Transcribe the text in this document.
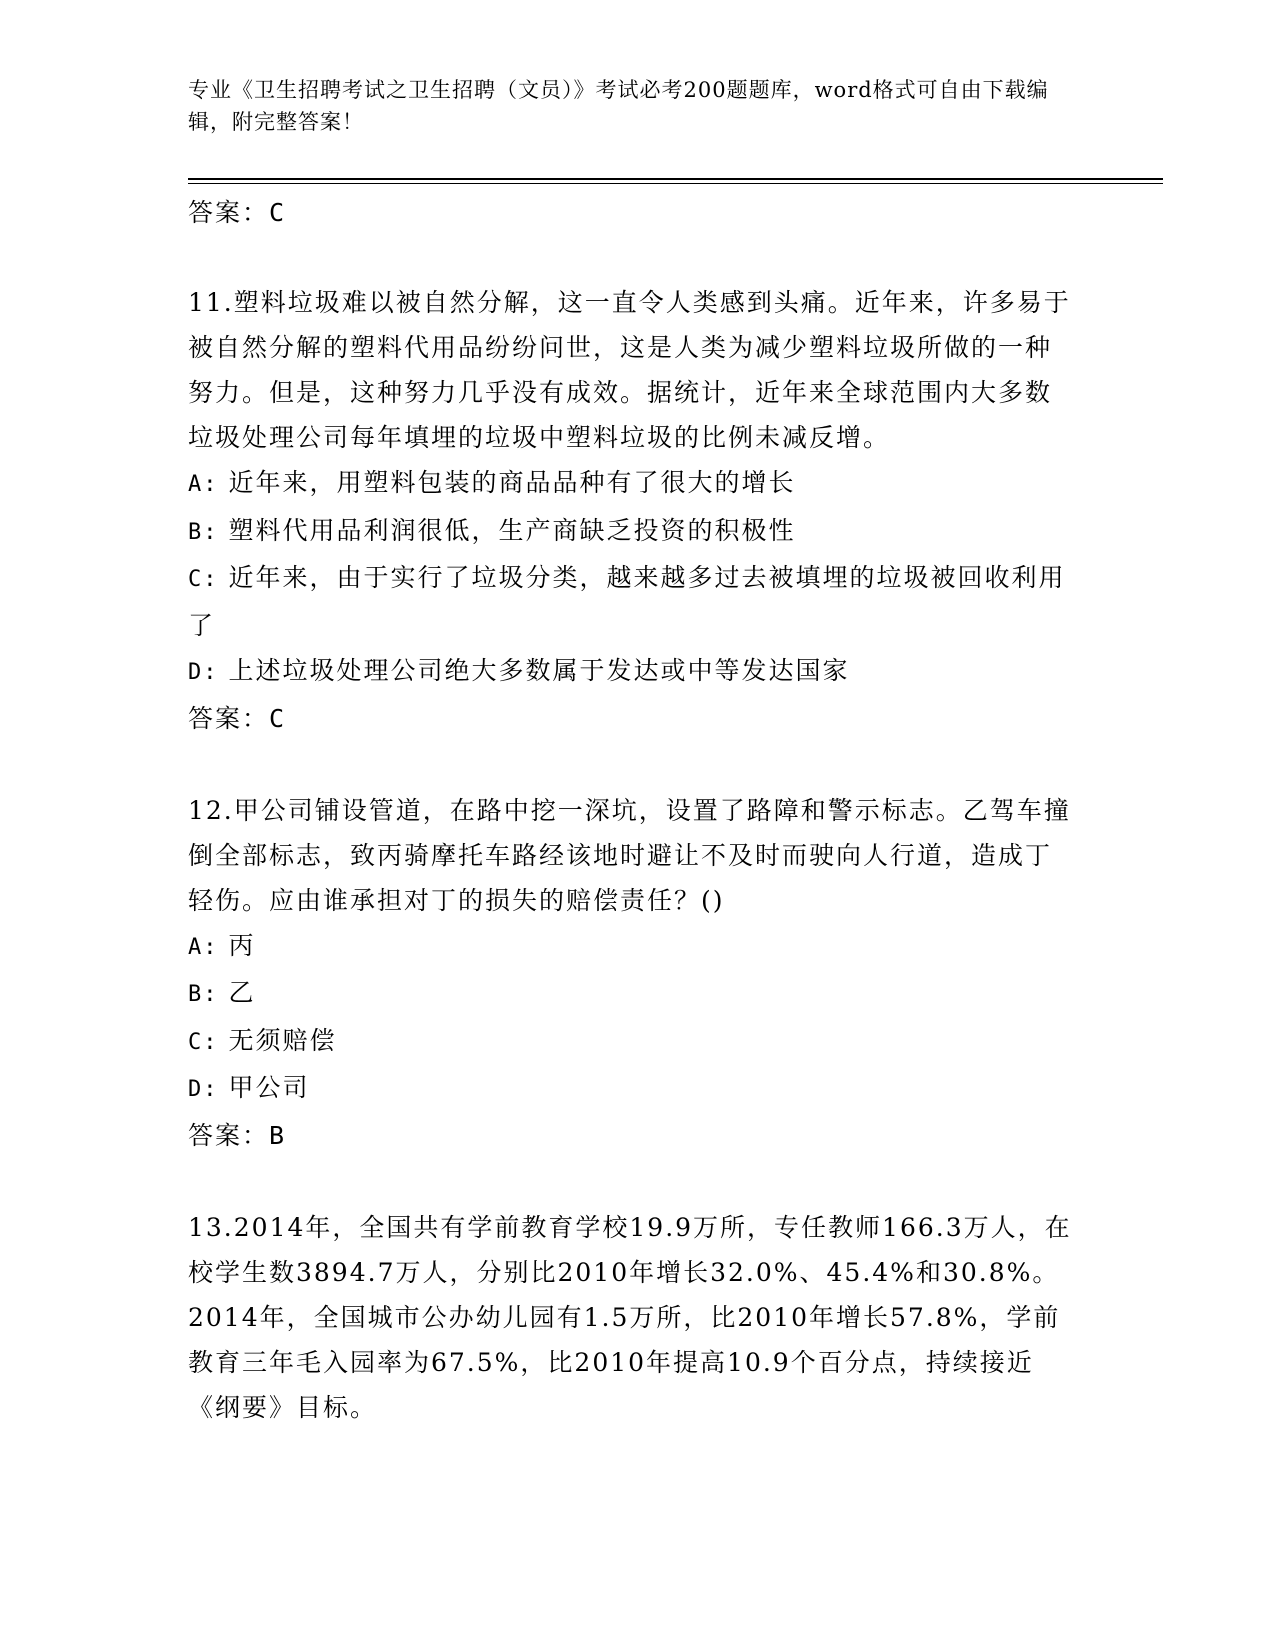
专业《卫生招聘考试之卫生招聘（文员）》考试必考200题题库，word格式可自由下载编辑，附完整答案！

答案：C

11.塑料垃圾难以被自然分解，这一直令人类感到头痛。近年来，许多易于被自然分解的塑料代用品纷纷问世，这是人类为减少塑料垃圾所做的一种努力。但是，这种努力几乎没有成效。据统计，近年来全球范围内大多数垃圾处理公司每年填埋的垃圾中塑料垃圾的比例未减反增。

A: 近年来，用塑料包装的商品品种有了很大的增长

B: 塑料代用品利润很低，生产商缺乏投资的积极性

C: 近年来，由于实行了垃圾分类，越来越多过去被填埋的垃圾被回收利用了

D: 上述垃圾处理公司绝大多数属于发达或中等发达国家

答案：C

12.甲公司铺设管道，在路中挖一深坑，设置了路障和警示标志。乙驾车撞倒全部标志，致丙骑摩托车路经该地时避让不及时而驶向人行道，造成丁轻伤。应由谁承担对丁的损失的赔偿责任？()

A: 丙

B: 乙

C: 无须赔偿

D: 甲公司

答案：B

13.2014年，全国共有学前教育学校19.9万所，专任教师166.3万人，在校学生数3894.7万人，分别比2010年增长32.0%、45.4%和30.8%。2014年，全国城市公办幼儿园有1.5万所，比2010年增长57.8%，学前教育三年毛入园率为67.5%，比2010年提高10.9个百分点，持续接近《纲要》目标。
